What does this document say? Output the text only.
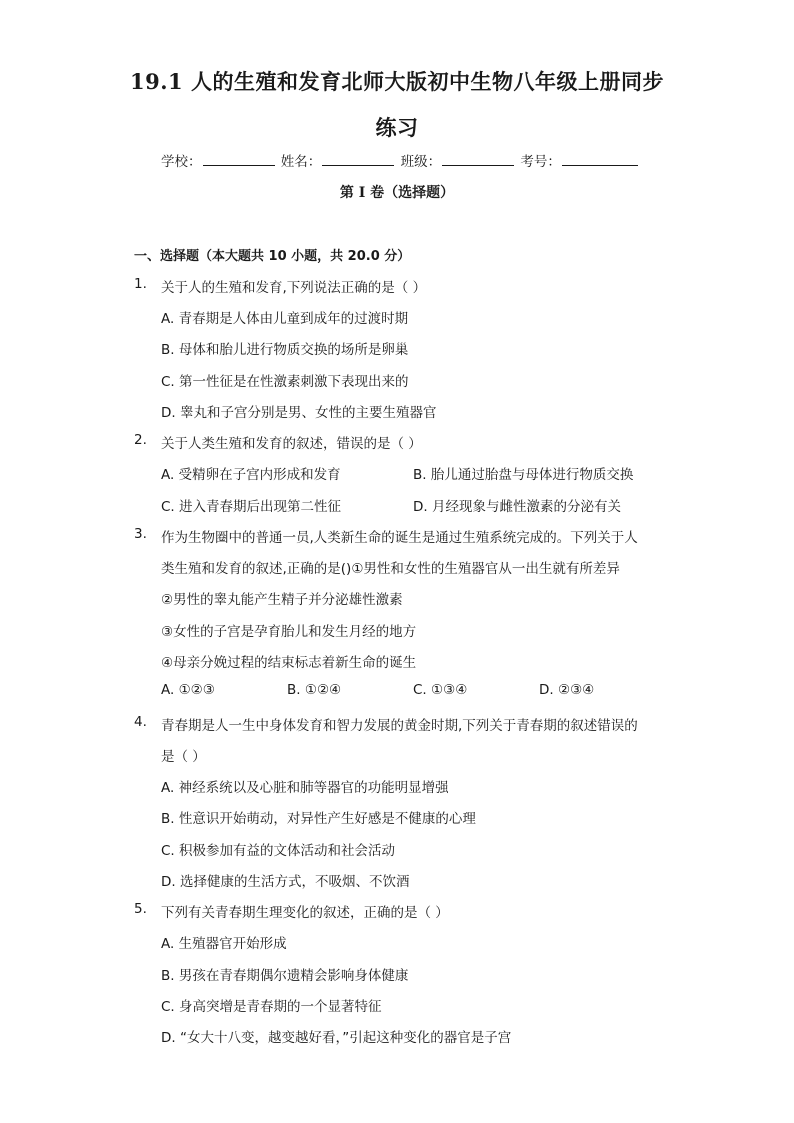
19.1 人的生殖和发育北师大版初中生物八年级上册同步
练习
学校：	姓名：	班级：	考号：
第 I 卷（选择题）
一、选择题（本大题共 10 小题，共 20.0 分）
1. 关于人的生殖和发育,下列说法正确的是（ ）
A. 青春期是人体由儿童到成年的过渡时期
B. 母体和胎儿进行物质交换的场所是卵巢
C. 第一性征是在性激素刺激下表现出来的
D. 睾丸和子宫分别是男、女性的主要生殖器官
2. 关于人类生殖和发育的叙述，错误的是（ ）
A. 受精卵在子宫内形成和发育	B. 胎儿通过胎盘与母体进行物质交换
C. 进入青春期后出现第二性征	D. 月经现象与雌性激素的分泌有关
3. 作为生物圈中的普通一员,人类新生命的诞生是通过生殖系统完成的。下列关于人
类生殖和发育的叙述,正确的是()①男性和女性的生殖器官从一出生就有所差异
②男性的睾丸能产生精子并分泌雄性激素
③女性的子宫是孕育胎儿和发生月经的地方
④母亲分娩过程的结束标志着新生命的诞生
A. ①②③	B. ①②④	C. ①③④	D. ②③④
4. 青春期是人一生中身体发育和智力发展的黄金时期,下列关于青春期的叙述错误的
是（ ）
A. 神经系统以及心脏和肺等器官的功能明显增强
B. 性意识开始萌动，对异性产生好感是不健康的心理
C. 积极参加有益的文体活动和社会活动
D. 选择健康的生活方式，不吸烟、不饮酒
5. 下列有关青春期生理变化的叙述，正确的是（ ）
A. 生殖器官开始形成
B. 男孩在青春期偶尔遗精会影响身体健康
C. 身高突增是青春期的一个显著特征
D. “女大十八变，越变越好看，”引起这种变化的器官是子宫
